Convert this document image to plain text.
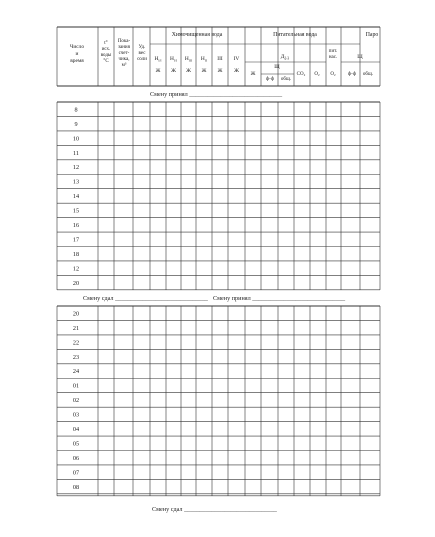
Число и время
t° исх. воды °С
Пока-зания счет-чика, м³
Уд. вес соли
Химочищенная вода	Питательная вода	Паро
$Н_{I/I}$
Ж
$Н_{I/I}$
Ж
$Н_{III}$
Ж
$Н_{II}$
Ж
III
Ж
IV
Ж
$Д_{2-3}$
Ж
Щ
ф-ф общ.
CO₂ O₂
пит. нас.
O₂
Щ
ф-ф общ.
Смену принял ______________________________
8
9
10
11
12
13
14
15
16
17
18
12
20
Смену сдал ______________________________ Смену принял ______________________________
20
21
22
23
24
01
02
03
04
05
06
07
08
Смену сдал ______________________________
